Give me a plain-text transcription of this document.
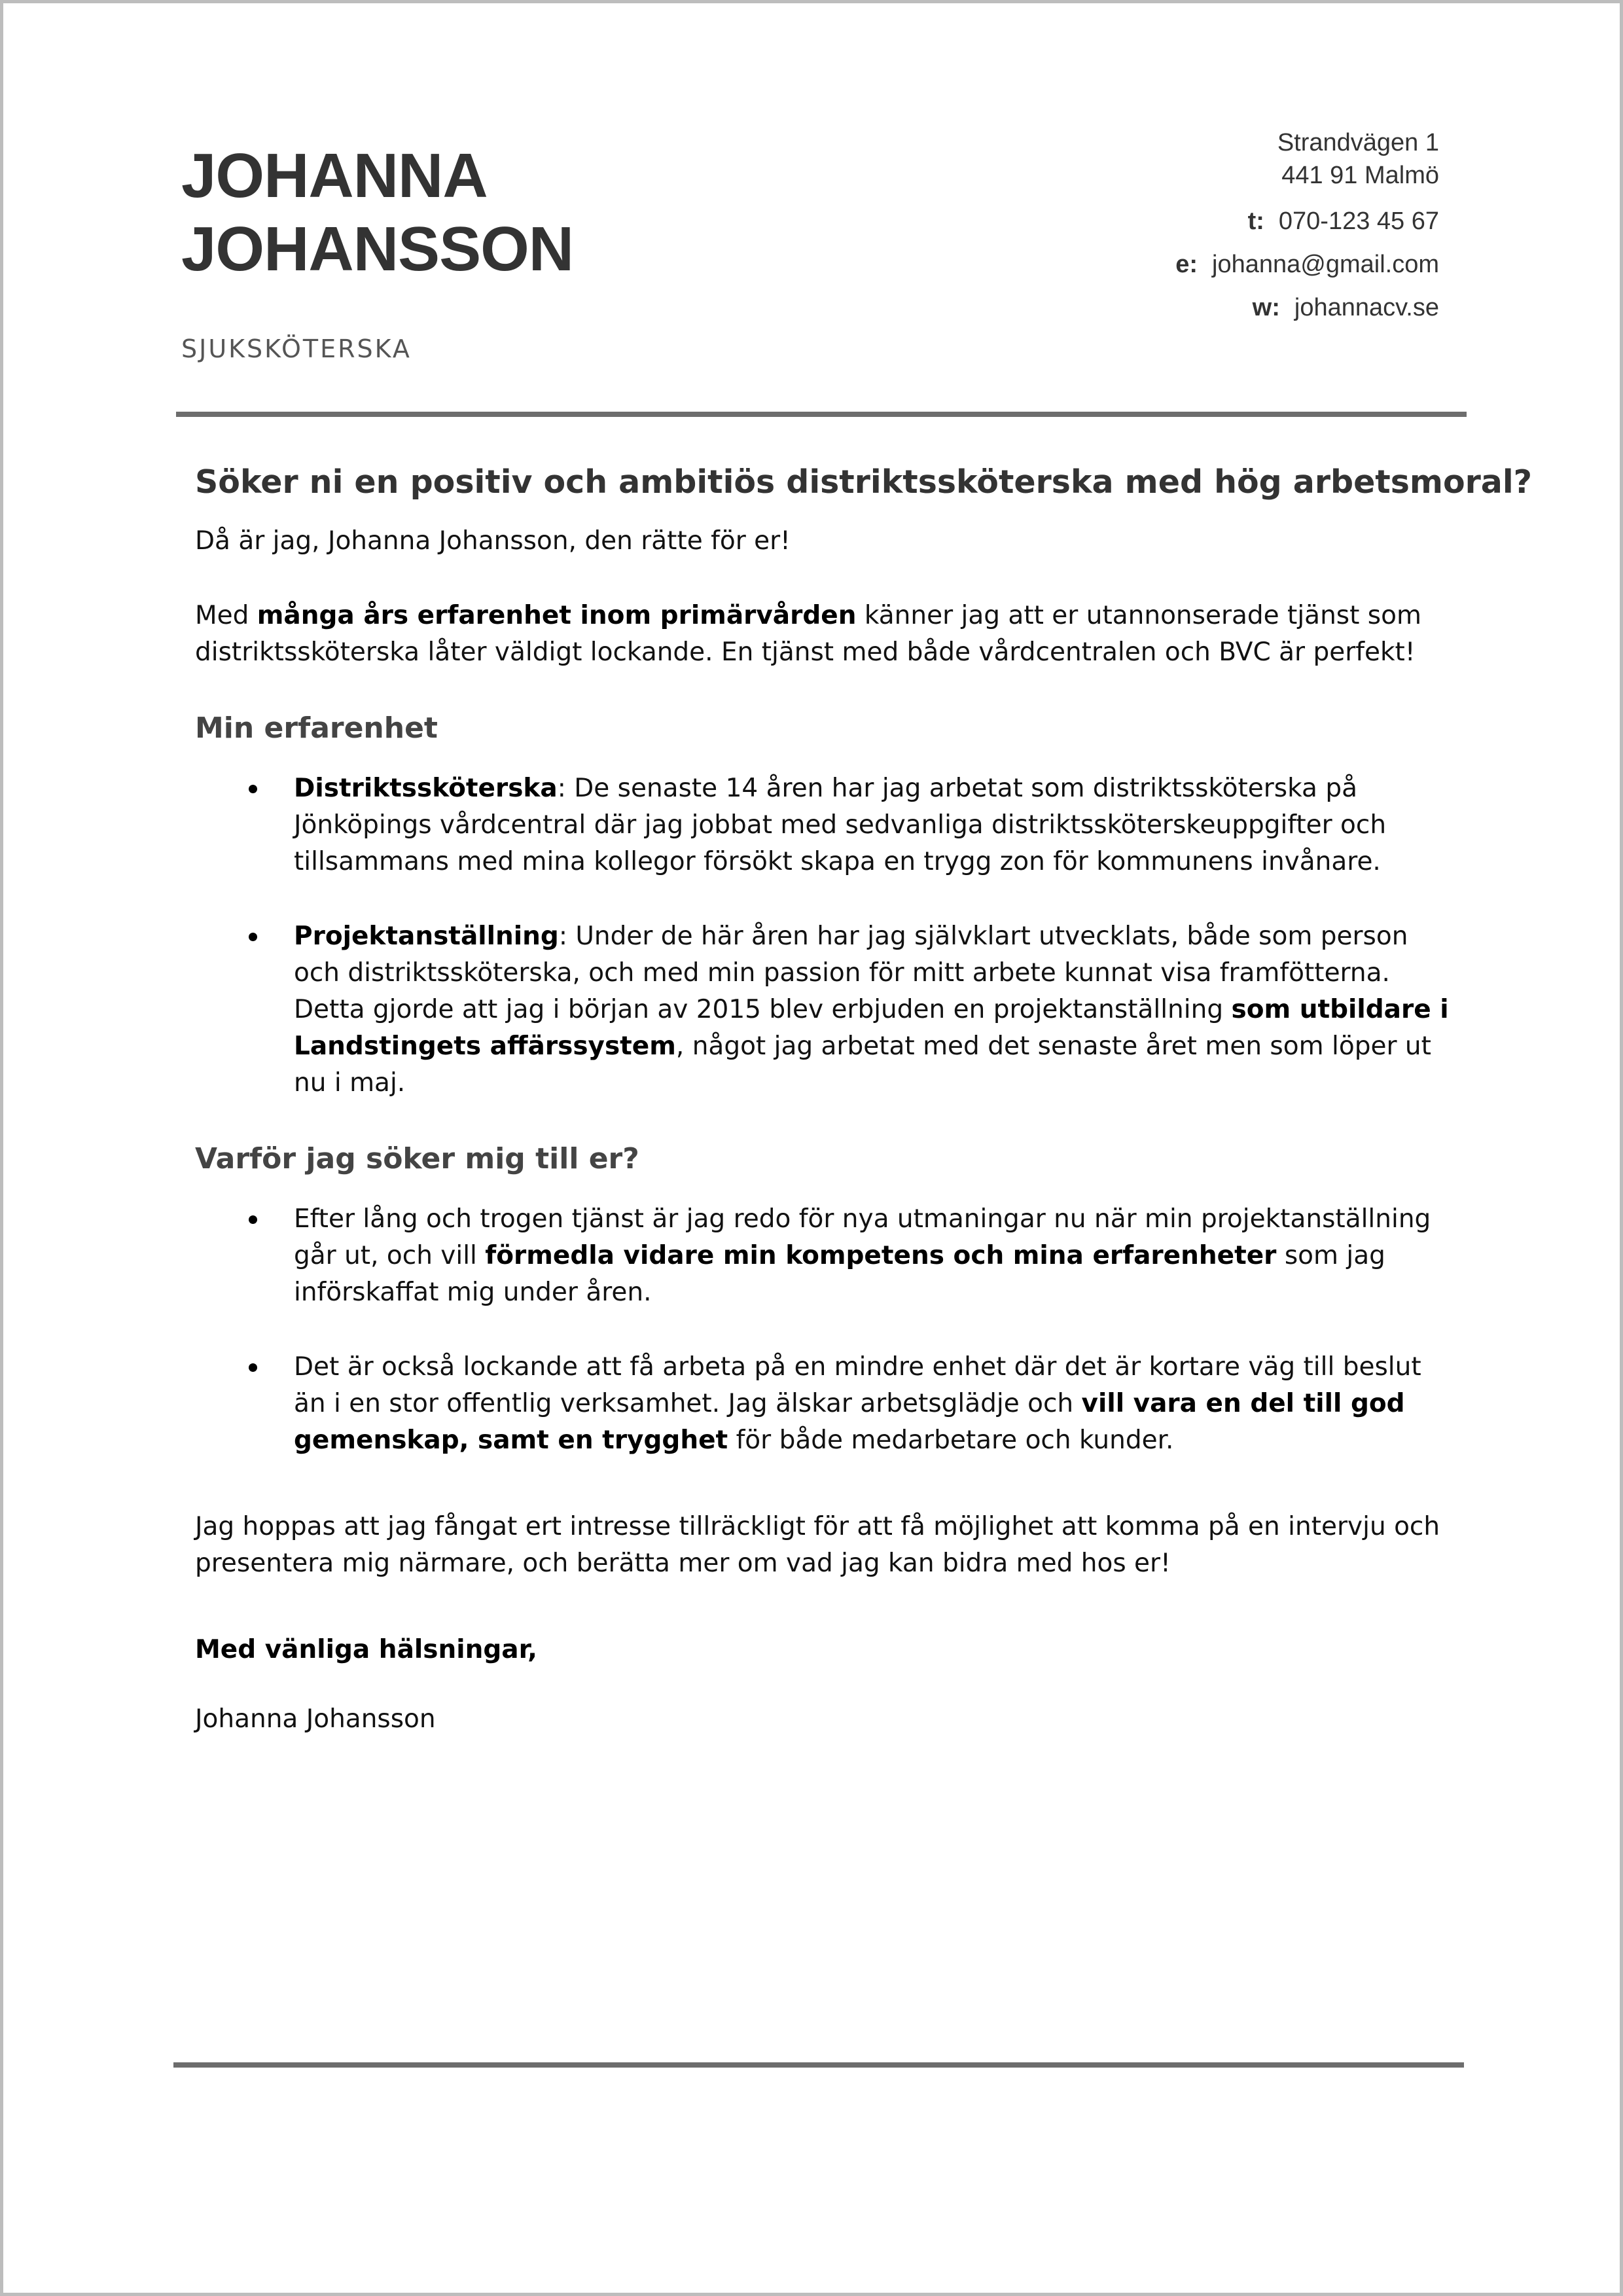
JOHANNA
JOHANSSON
SJUKSKÖTERSKA
Strandvägen 1
441 91 Malmö
t: 070-123 45 67
e: johanna@gmail.com
w: johannacv.se
Söker ni en positiv och ambitiös distriktssköterska med hög arbetsmoral?

Då är jag, Johanna Johansson, den rätte för er!

Med många års erfarenhet inom primärvården känner jag att er utannonserade tjänst som distriktssköterska låter väldigt lockande. En tjänst med både vårdcentralen och BVC är perfekt!

Min erfarenhet
Distriktssköterska: De senaste 14 åren har jag arbetat som distriktssköterska på Jönköpings vårdcentral där jag jobbat med sedvanliga distriktssköterskeuppgifter och tillsammans med mina kollegor försökt skapa en trygg zon för kommunens invånare.
Projektanställning: Under de här åren har jag självklart utvecklats, både som person och distriktssköterska, och med min passion för mitt arbete kunnat visa framfötterna. Detta gjorde att jag i början av 2015 blev erbjuden en projektanställning som utbildare i Landstingets affärssystem, något jag arbetat med det senaste året men som löper ut nu i maj.
Varför jag söker mig till er?
Efter lång och trogen tjänst är jag redo för nya utmaningar nu när min projektanställning går ut, och vill förmedla vidare min kompetens och mina erfarenheter som jag införskaffat mig under åren.
Det är också lockande att få arbeta på en mindre enhet där det är kortare väg till beslut än i en stor offentlig verksamhet. Jag älskar arbetsglädje och vill vara en del till god gemenskap, samt en trygghet för både medarbetare och kunder.

Jag hoppas att jag fångat ert intresse tillräckligt för att få möjlighet att komma på en intervju och presentera mig närmare, och berätta mer om vad jag kan bidra med hos er!

Med vänliga hälsningar,
Johanna Johansson
